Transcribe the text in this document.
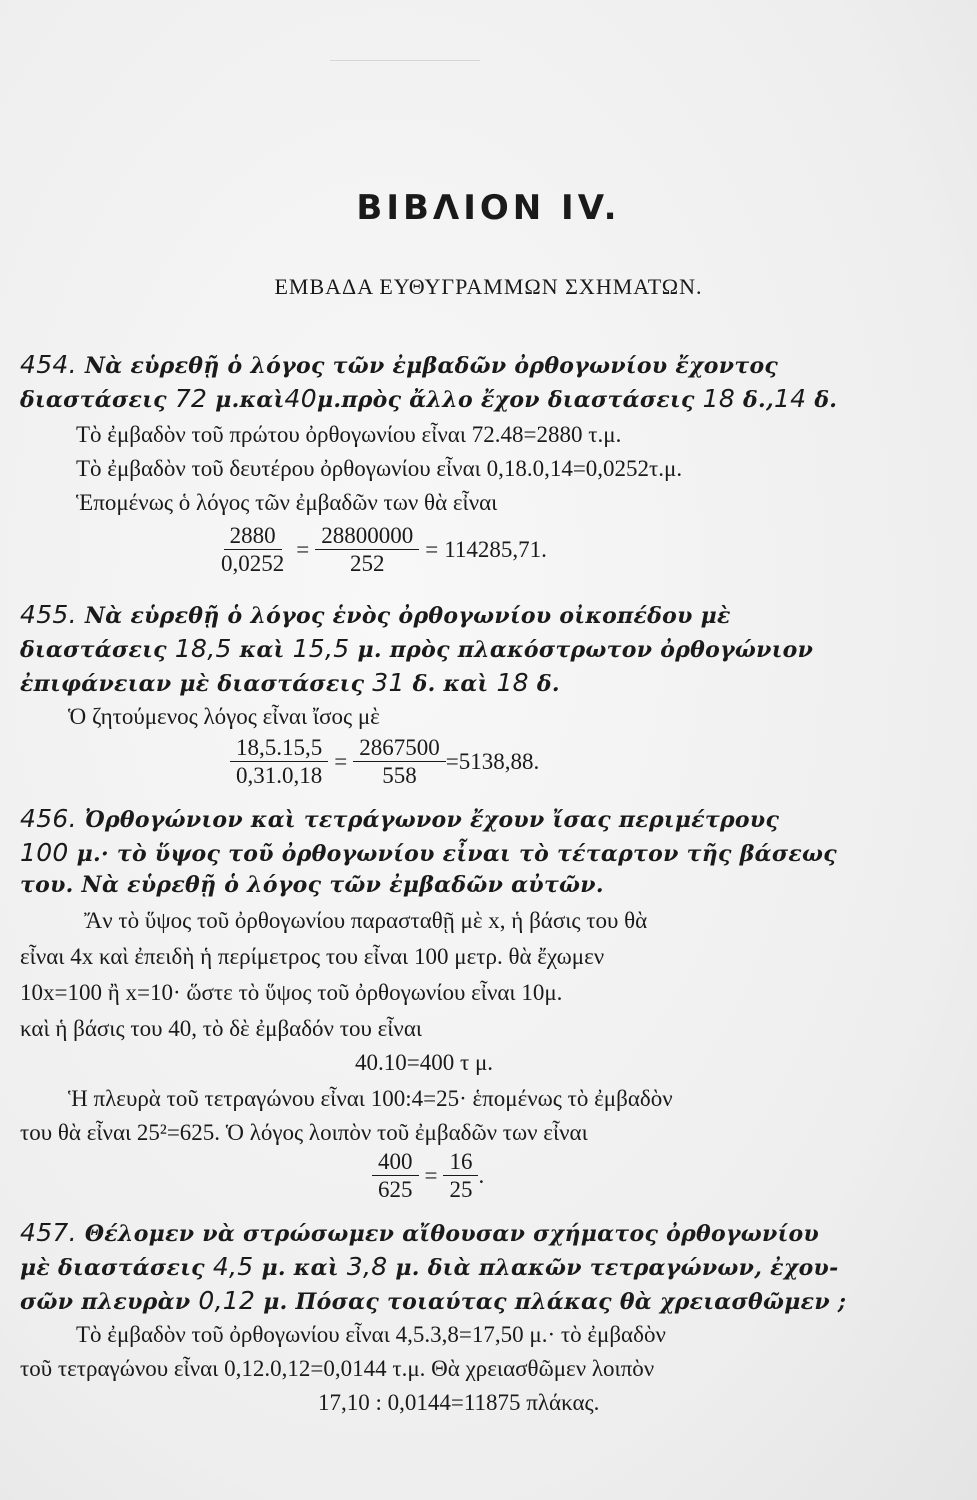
ΒΙΒΛΙΟΝ IV.
ΕΜΒΑΔΑ ΕΥΘΥΓΡΑΜΜΩΝ ΣΧΗΜΑΤΩΝ.
454. Νὰ εὑρεθῇ ὁ λόγος τῶν ἐμβαδῶν ὀρθογωνίου ἔχοντος
διαστάσεις 72 μ.καὶ40μ.πρὸς ἄλλο ἔχον διαστάσεις 18 δ.,14 δ.
Τὸ ἐμβαδὸν τοῦ πρώτου ὀρθογωνίου εἶναι 72.48=2880 τ.μ.
Τὸ ἐμβαδὸν τοῦ δευτέρου ὀρθογωνίου εἶναι 0,18.0,14=0,0252τ.μ.
Ἑπομένως ὁ λόγος τῶν ἐμβαδῶν των θὰ εἶναι
$\frac{2880}{0,0252} = \frac{28800000}{252} = 114285,71$.
455. Νὰ εὑρεθῇ ὁ λόγος ἑνὸς ὀρθογωνίου οἰκοπέδου μὲ
διαστάσεις 18,5 καὶ 15,5 μ. πρὸς πλακόστρωτον ὀρθογώνιον
ἐπιφάνειαν μὲ διαστάσεις 31 δ. καὶ 18 δ.
Ὁ ζητούμενος λόγος εἶναι ἴσος μὲ
$\frac{18,5.15,5}{0,31.0,18} = \frac{2867500}{558} =5138,88$.
456. Ὀρθογώνιον καὶ τετράγωνον ἔχουν ἴσας περιμέτρους
100 μ.· τὸ ὕψος τοῦ ὀρθογωνίου εἶναι τὸ τέταρτον τῆς βάσεως
του. Νὰ εὑρεθῇ ὁ λόγος τῶν ἐμβαδῶν αὐτῶν.
Ἄν τὸ ὕψος τοῦ ὀρθογωνίου παρασταθῇ μὲ x, ἡ βάσις του θὰ
εἶναι 4x καὶ ἐπειδὴ ἡ περίμετρος του εἶναι 100 μετρ. θὰ ἔχωμεν
10x=100 ἢ x=10· ὥστε τὸ ὕψος τοῦ ὀρθογωνίου εἶναι 10μ.
καὶ ἡ βάσις του 40, τὸ δὲ ἐμβαδόν του εἶναι
40.10=400 τ μ.
Ἡ πλευρὰ τοῦ τετραγώνου εἶναι 100:4=25· ἑπομένως τὸ ἐμβαδὸν
του θὰ εἶναι 25²=625. Ὁ λόγος λοιπὸν τοῦ ἐμβαδῶν των εἶναι
$\frac{400}{625} = \frac{16}{25}$ .
457. Θέλομεν νὰ στρώσωμεν αἴθουσαν σχήματος ὀρθογωνίου
μὲ διαστάσεις 4,5 μ. καὶ 3,8 μ. διὰ πλακῶν τετραγώνων, ἐχου-
σῶν πλευρὰν 0,12 μ. Πόσας τοιαύτας πλάκας θὰ χρειασθῶμεν ;
Τὸ ἐμβαδὸν τοῦ ὀρθογωνίου εἶναι 4,5.3,8=17,50 μ.· τὸ ἐμβαδὸν
τοῦ τετραγώνου εἶναι 0,12.0,12=0,0144 τ.μ. Θὰ χρειασθῶμεν λοιπὸν
17,10 : 0,0144=11875 πλάκας.
